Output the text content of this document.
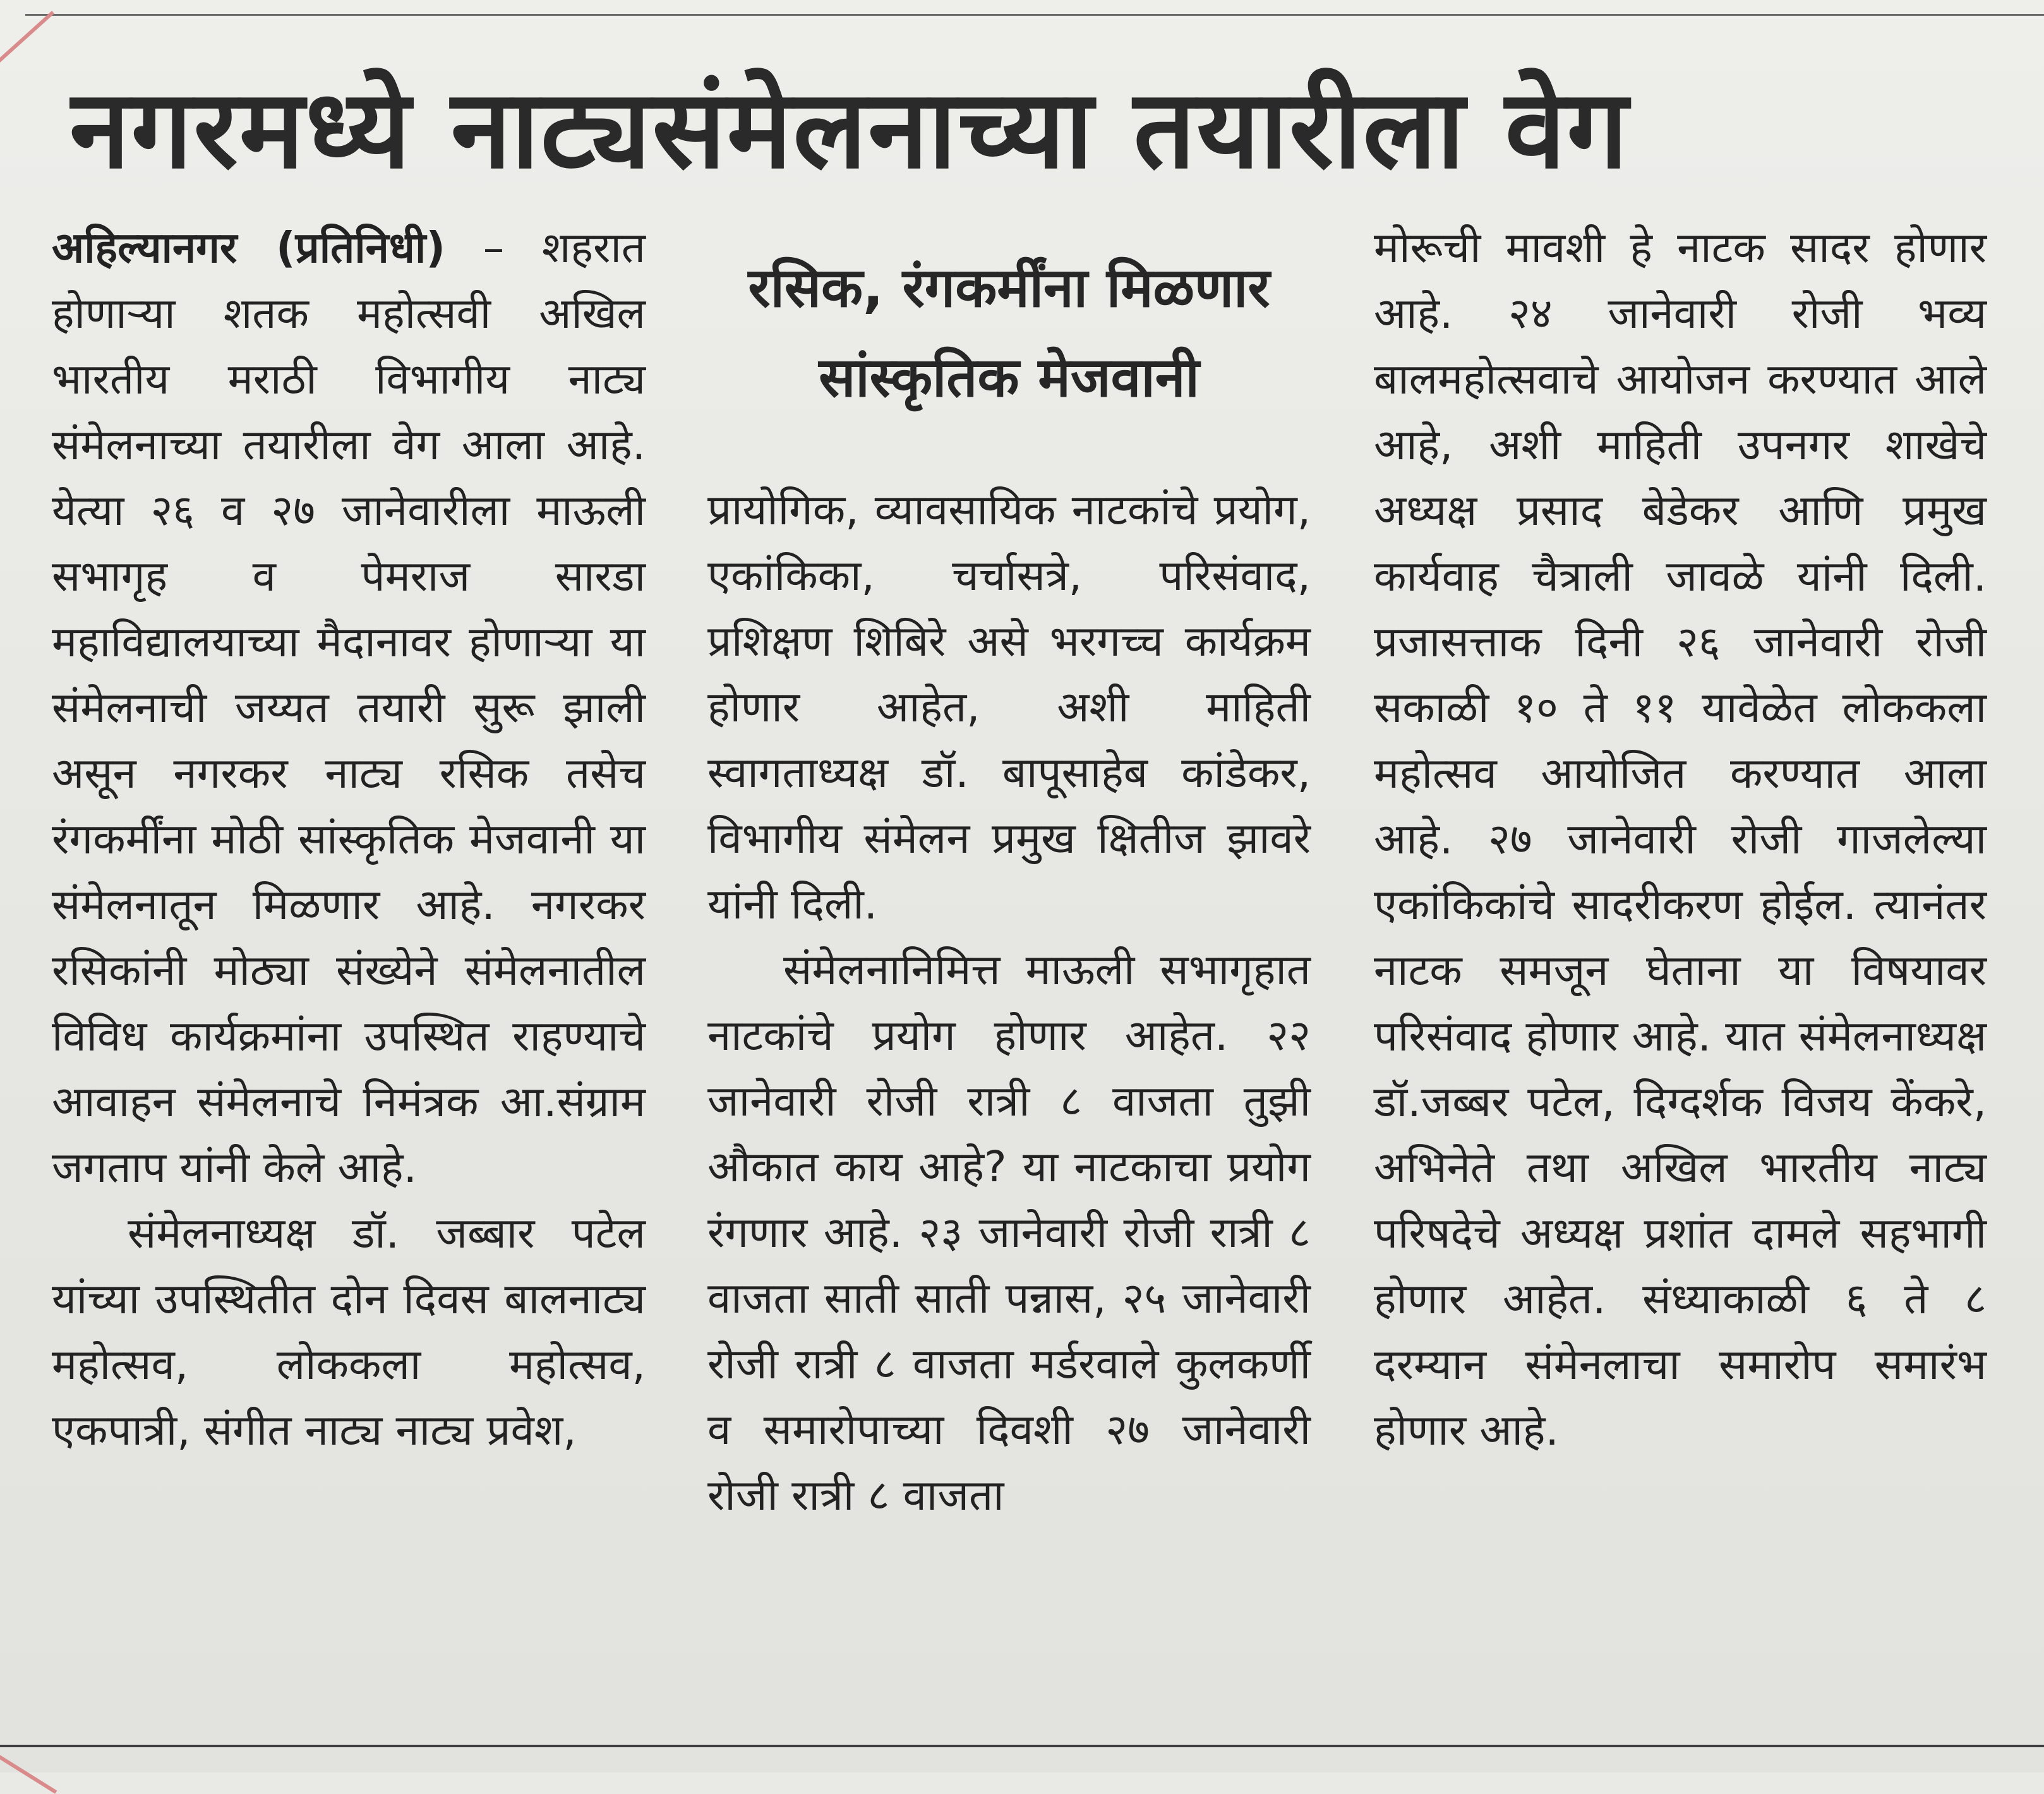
नगरमध्ये नाट्यसंमेलनाच्या तयारीला वेग

अहिल्यानगर (प्रतिनिधी) – शहरात होणाऱ्या शतक महोत्सवी अखिल भारतीय मराठी विभागीय नाट्य संमेलनाच्या तयारीला वेग आला आहे. येत्या २६ व २७ जानेवारीला माऊली सभागृह व पेमराज सारडा महाविद्यालयाच्या मैदानावर होणाऱ्या या संमेलनाची जय्यत तयारी सुरू झाली असून नगरकर नाट्य रसिक तसेच रंगकर्मींना मोठी सांस्कृतिक मेजवानी या संमेलनातून मिळणार आहे. नगरकर रसिकांनी मोठ्या संख्येने संमेलनातील विविध कार्यक्रमांना उपस्थित राहण्याचे आवाहन संमेलनाचे निमंत्रक आ.संग्राम जगताप यांनी केले आहे.

संमेलनाध्यक्ष डॉ. जब्बार पटेल यांच्या उपस्थितीत दोन दिवस बालनाट्य महोत्सव, लोककला महोत्सव, एकपात्री, संगीत नाट्य नाट्य प्रवेश,

रसिक, रंगकर्मींना मिळणार
सांस्कृतिक मेजवानी

प्रायोगिक, व्यावसायिक नाटकांचे प्रयोग, एकांकिका, चर्चासत्रे, परिसंवाद, प्रशिक्षण शिबिरे असे भरगच्च कार्यक्रम होणार आहेत, अशी माहिती स्वागताध्यक्ष डॉ. बापूसाहेब कांडेकर, विभागीय संमेलन प्रमुख क्षितीज झावरे यांनी दिली.

संमेलनानिमित्त माऊली सभागृहात नाटकांचे प्रयोग होणार आहेत. २२ जानेवारी रोजी रात्री ८ वाजता तुझी औकात काय आहे? या नाटकाचा प्रयोग रंगणार आहे. २३ जानेवारी रोजी रात्री ८ वाजता साती साती पन्नास, २५ जानेवारी रोजी रात्री ८ वाजता मर्डरवाले कुलकर्णी व समारोपाच्या दिवशी २७ जानेवारी रोजी रात्री ८ वाजता

मोरूची मावशी हे नाटक सादर होणार आहे. २४ जानेवारी रोजी भव्य बालमहोत्सवाचे आयोजन करण्यात आले आहे, अशी माहिती उपनगर शाखेचे अध्यक्ष प्रसाद बेडेकर आणि प्रमुख कार्यवाह चैत्राली जावळे यांनी दिली. प्रजासत्ताक दिनी २६ जानेवारी रोजी सकाळी १० ते ११ यावेळेत लोककला महोत्सव आयोजित करण्यात आला आहे. २७ जानेवारी रोजी गाजलेल्या एकांकिकांचे सादरीकरण होईल. त्यानंतर नाटक समजून घेताना या विषयावर परिसंवाद होणार आहे. यात संमेलनाध्यक्ष डॉ.जब्बर पटेल, दिग्दर्शक विजय केंकरे, अभिनेते तथा अखिल भारतीय नाट्य परिषदेचे अध्यक्ष प्रशांत दामले सहभागी होणार आहेत. संध्याकाळी ६ ते ८ दरम्यान संमेनलाचा समारोप समारंभ होणार आहे.
